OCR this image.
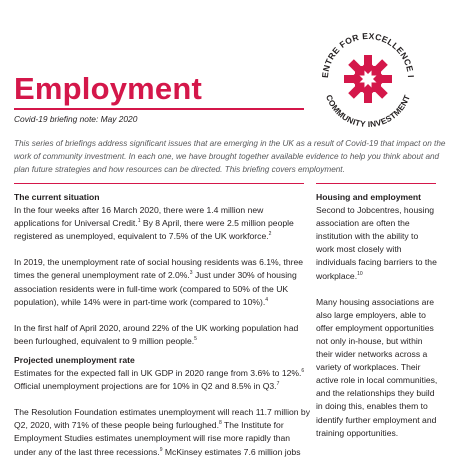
ENTRE FOR EXCELLENCE I
COMMUNITY INVESTMENT
Employment
Covid-19 briefing note: May 2020

This series of briefings address significant issues that are emerging in the UK as a result of Covid-19 that impact on the work of community investment. In each one, we have brought together available evidence to help you think about and plan future strategies and how resources can be directed. This briefing covers employment.

The current situation

In the four weeks after 16 March 2020, there were 1.4 million new applications for Universal Credit.$^1$ By 8 April, there were 2.5 million people registered as unemployed, equivalent to 7.5% of the UK workforce.$^2$

In 2019, the unemployment rate of social housing residents was 6.1%, three times the general unemployment rate of 2.0%.$^3$ Just under 30% of housing association residents were in full-time work (compared to 50% of the UK population), while 14% were in part-time work (compared to 10%).$^4$

In the first half of April 2020, around 22% of the UK working population had been furloughed, equivalent to 9 million people.$^5$

Projected unemployment rate

Estimates for the expected fall in UK GDP in 2020 range from 3.6% to 12%.$^6$ Official unemployment projections are for 10% in Q2 and 8.5% in Q3.$^7$

The Resolution Foundation estimates unemployment will reach 11.7 million by Q2, 2020, with 71% of these people being furloughed.$^8$ The Institute for Employment Studies estimates unemployment will rise more rapidly than under any of the last three recessions.$^9$ McKinsey estimates 7.6 million jobs

Housing and employment

Second to Jobcentres, housing association are often the institution with the ability to work most closely with individuals facing barriers to the workplace.$^{10}$

Many housing associations are also large employers, able to offer employment opportunities not only in-house, but within their wider networks across a variety of workplaces. Their active role in local communities, and the relationships they build in doing this, enables them to identify further employment and training opportunities.
